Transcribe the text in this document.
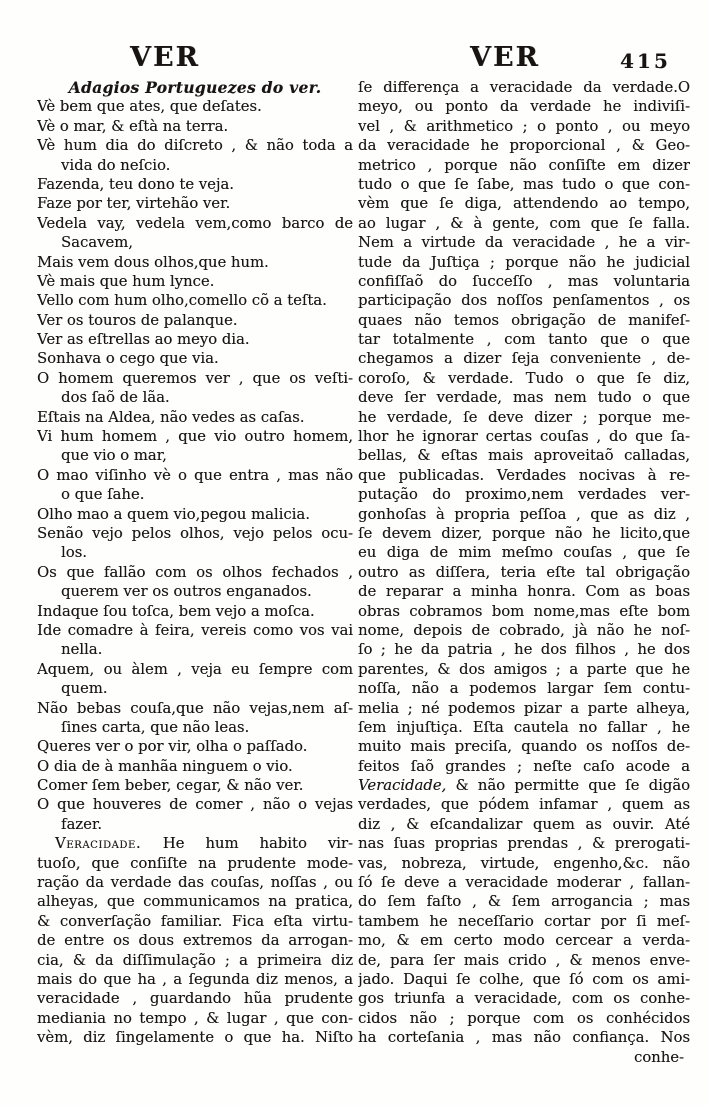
VER	VER	415
Adagios Portuguezes do ver.
Vè bem que ates, que deſates.
Vè o mar, & eſtà na terra.
Vè hum dia do diſcreto , & não toda a
vida do neſcio.
Fazenda, teu dono te veja.
Faze por ter, virtehão ver.
Vedela vay, vedela vem,como barco de
Sacavem,
Mais vem dous olhos,que hum.
Vè mais que hum lynce.
Vello com hum olho,comello cõ a teſta.
Ver os touros de palanque.
Ver as eſtrellas ao meyo dia.
Sonhava o cego que via.
O homem queremos ver , que os veſti-
dos ſaõ de lãa.
Eſtais na Aldea, não vedes as caſas.
Vi hum homem , que vio outro homem,
que vio o mar,
O mao viſinho vè o que entra , mas não
o que ſahe.
Olho mao a quem vio,pegou malicia.
Senão vejo pelos olhos, vejo pelos ocu-
los.
Os que fallão com os olhos fechados ,
querem ver os outros enganados.
Indaque ſou toſca, bem vejo a moſca.
Ide comadre à feira, vereis como vos vai
nella.
Aquem, ou àlem , veja eu ſempre com
quem.
Não bebas couſa,que não vejas,nem aſ-
ſines carta, que não leas.
Queres ver o por vir, olha o paſſado.
O dia de à manhãa ninguem o vio.
Comer ſem beber, cegar, & não ver.
O que houveres de comer , não o vejas
fazer.
Veracidade. He hum habito vir-
tuoſo, que conſiſte na prudente mode-
ração da verdade das couſas, noſſas , ou
alheyas, que communicamos na pratica,
& converſação familiar. Fica eſta virtu-
de entre os dous extremos da arrogan-
cia, & da diſſimulação ; a primeira diz
mais do que ha , a ſegunda diz menos, a
veracidade , guardando hũa prudente
mediania no tempo , & lugar , que con-
vèm, diz ſingelamente o que ha. Niſto
ſe differença a veracidade da verdade.O
meyo, ou ponto da verdade he indiviſi-
vel , & arithmetico ; o ponto , ou meyo
da veracidade he proporcional , & Geo-
metrico , porque não conſiſte em dizer
tudo o que ſe ſabe, mas tudo o que con-
vèm que ſe diga, attendendo ao tempo,
ao lugar , & à gente, com que ſe falla.
Nem a virtude da veracidade , he a vir-
tude da Juſtiça ; porque não he judicial
confiſſaõ do ſucceſſo , mas voluntaria
participação dos noſſos penſamentos , os
quaes não temos obrigação de manifeſ-
tar totalmente , com tanto que o que
chegamos a dizer ſeja conveniente , de-
coroſo, & verdade. Tudo o que ſe diz,
deve ſer verdade, mas nem tudo o que
he verdade, ſe deve dizer ; porque me-
lhor he ignorar certas couſas , do que ſa-
bellas, & eſtas mais aproveitaõ calladas,
que publicadas. Verdades nocivas à re-
putação do proximo,nem verdades ver-
gonhoſas à propria peſſoa , que as diz ,
ſe devem dizer, porque não he licito,que
eu diga de mim meſmo couſas , que ſe
outro as diſſera, teria eſte tal obrigação
de reparar a minha honra. Com as boas
obras cobramos bom nome,mas eſte bom
nome, depois de cobrado, jà não he noſ-
ſo ; he da patria , he dos filhos , he dos
parentes, & dos amigos ; a parte que he
noſſa, não a podemos largar ſem contu-
melia ; né podemos pizar a parte alheya,
ſem injuſtiça. Eſta cautela no fallar , he
muito mais preciſa, quando os noſſos de-
feitos ſaõ grandes ; neſte caſo acode a
Veracidade, & não permitte que ſe digão
verdades, que pódem infamar , quem as
diz , & eſcandalizar quem as ouvir. Até
nas ſuas proprias prendas , & prerogati-
vas, nobreza, virtude, engenho,&c. não
ſó ſe deve a veracidade moderar , fallan-
do ſem faſto , & ſem arrogancia ; mas
tambem he neceſſario cortar por ſi meſ-
mo, & em certo modo cercear a verda-
de, para ſer mais crido , & menos enve-
jado. Daqui ſe colhe, que ſó com os ami-
gos triunfa a veracidade, com os conhe-
cidos não ; porque com os conhécidos
ha corteſania , mas não confiança. Nos
conhe-
